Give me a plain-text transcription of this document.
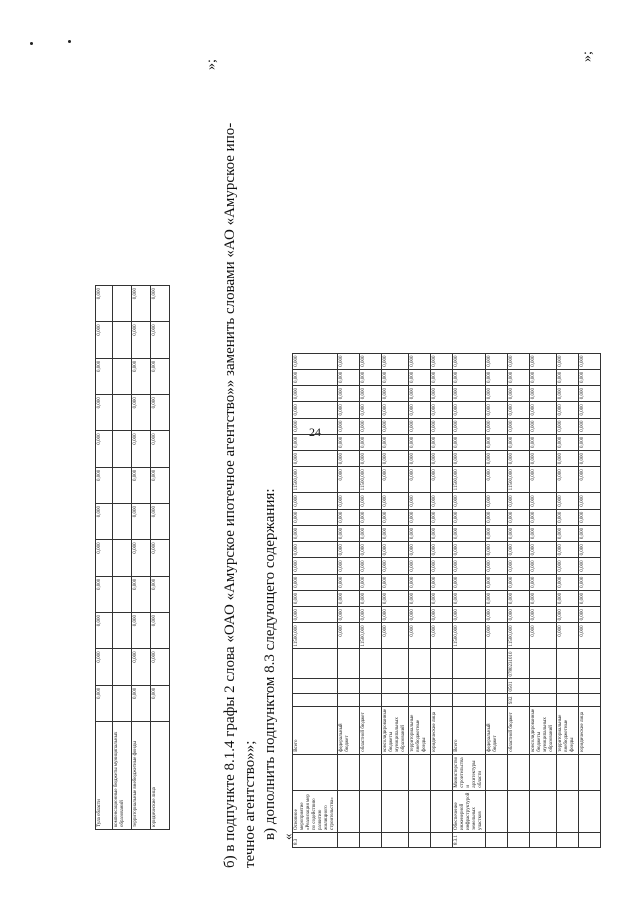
24
Тула области	0,000	0,000	0,000	0,000	0,000	0,000	0,000	0,000	0,000	0,000	0,000	0,000
компенсационные бюджеты муниципальных образований												
территориальные внебюджетные фонды	0,000	0,000	0,000	0,000	0,000	0,000	0,000	0,000	0,000	0,000	0,000	0,000
юридические лица	0,000	0,000	0,000	0,000	0,000	0,000	0,000	0,000	0,000	0,000	0,000	0,000
»;
б) в подпункте 8.1.4 графы 2 слова «ОАО «Амурское ипотечное агентство»» заменить словами «АО «Амурское ипо- течное агентство»»; в) дополнить подпунктом 8.3 следующего содержания: «
8.3	Основное мероприятие «Реализация мер по содействию развитию жилищного строительства»		Всего				11500,000	0,000	0,000	0,000	0,000	0,000	0,000	0,000	0,000	11500,000	0,000	0,000	0,000	0,000	0,000	0,000	0,000
			федеральный бюджет				0,000	0,000	0,000	0,000	0,000	0,000	0,000	0,000	0,000	0,000	0,000	0,000	0,000	0,000	0,000	0,000	0,000
			областной бюджет				11500,000	0,000	0,000	0,000	0,000	0,000	0,000	0,000	0,000	11500,000	0,000	0,000	0,000	0,000	0,000	0,000	0,000
			консолидированные бюджеты муниципальных образований				0,000	0,000	0,000	0,000	0,000	0,000	0,000	0,000	0,000	0,000	0,000	0,000	0,000	0,000	0,000	0,000	0,000
			территориальные внебюджетные фонды				0,000	0,000	0,000	0,000	0,000	0,000	0,000	0,000	0,000	0,000	0,000	0,000	0,000	0,000	0,000	0,000	0,000
			юридические лица				0,000	0,000	0,000	0,000	0,000	0,000	0,000	0,000	0,000	0,000	0,000	0,000	0,000	0,000	0,000	0,000	0,000
8.3.1	Обеспечение инженерной инфраструктурой земельных участков	Министерство строительства и архитектуры области	Всего				11500,000	0,000	0,000	0,000	0,000	0,000	0,000	0,000	0,000	11500,000	0,000	0,000	0,000	0,000	0,000	0,000	0,000
			федеральный бюджет				0,000	0,000	0,000	0,000	0,000	0,000	0,000	0,000	0,000	0,000	0,000	0,000	0,000	0,000	0,000	0,000	0,000
			областной бюджет	932	0501	0780231010	11500,000	0,000	0,000	0,000	0,000	0,000	0,000	0,000	0,000	11500,000	0,000	0,000	0,000	0,000	0,000	0,000	0,000
			консолидированные бюджеты муниципальных образований				0,000	0,000	0,000	0,000	0,000	0,000	0,000	0,000	0,000	0,000	0,000	0,000	0,000	0,000	0,000	0,000	0,000
			территориальные внебюджетные фонды				0,000	0,000	0,000	0,000	0,000	0,000	0,000	0,000	0,000	0,000	0,000	0,000	0,000	0,000	0,000	0,000	0,000
			юридические лица				0,000	0,000	0,000	0,000	0,000	0,000	0,000	0,000	0,000	0,000	0,000	0,000	0,000	0,000	0,000	0,000	0,000
»;
